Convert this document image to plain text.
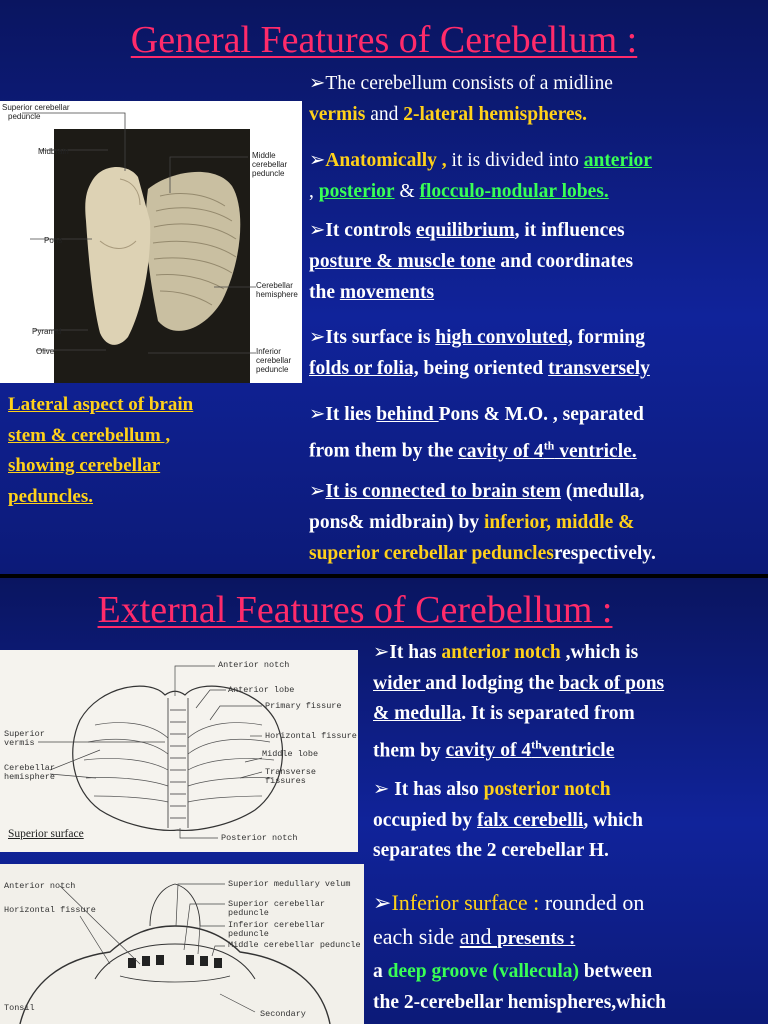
General Features of Cerebellum :
Superior cerebellar
peduncle
Midbrain
Pons
Pyramid
Olive
Middle cerebellar
peduncle
Cerebellar
hemisphere
Inferior
cerebellar peduncle
Lateral aspect of brain
stem & cerebellum ,
showing cerebellar
peduncles.
➢The cerebellum consists of a midline
vermis and 2-lateral hemispheres.
➢Anatomically , it is divided into anterior
, posterior & flocculo-nodular lobes.
➢It controls equilibrium, it influences
posture & muscle tone and coordinates
the movements
➢Its surface is high convoluted, forming
folds or folia, being oriented transversely
➢It lies behind Pons & M.O. , separated
from them by the cavity of 4th ventricle.
➢It is connected to brain stem (medulla,
pons& midbrain) by inferior, middle &
superior cerebellar pedunclesrespectively.
External Features of Cerebellum :
Anterior notch
Anterior lobe
Primary fissure
Horizontal fissure
Middle lobe
Transverse fissures
Superior
vermis
Cerebellar
hemisphere
Superior surface	Posterior notch
Anterior notch
Horizontal fissure
Tonsil
Secondary
Superior medullary velum
Superior cerebellar peduncle
Inferior cerebellar peduncle
Middle cerebellar peduncle
➢It has anterior notch ,which is
wider and lodging the back of pons
& medulla. It is separated from
them by cavity of 4thventricle
➢ It has also posterior notch
occupied by falx cerebelli, which
separates the 2 cerebellar H.
➢Inferior surface : rounded on
each side and presents :
a deep groove (vallecula) between
the 2-cerebellar hemispheres,which
